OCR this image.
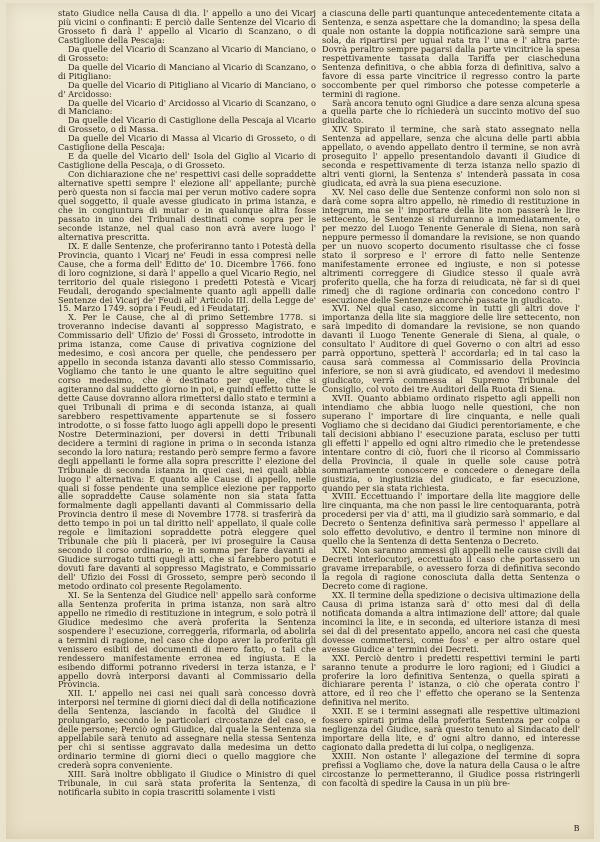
stato Giudice nella Causa di dia. l' appello a uno dei Vicarj più vicini o confinanti: E perciò dalle Sentenze del Vicario di Grosseto fi darà l' appello al Vicario di Scanzano, o di Castiglione della Pescaja:

Da quelle del Vicario di Scanzano al Vicario di Manciano, o di Grosseto:

Da quelle del Vicario di Manciano al Vicario di Scanzano, o di Pitigliano:

Da quelle del Vicario di Pitigliano al Vicario di Manciano, o d' Arcidosso:

Da quelle del Vicario d' Arcidosso al Vicario di Scanzano, o di Manciano:

Da quelle del Vicario di Castiglione della Pescaja al Vicario di Grosseto, o di Massa.

Da quelle del Vicario di Massa al Vicario di Grosseto, o di Castiglione della Pescaja:

E da quelle del Vicario dell' Isola del Giglio al Vicario di Castiglione della Pescaja, o di Grosseto.

Con dichiarazione che ne' respettivi casi delle sopraddette alternative spetti sempre l' elezione all' appellante; purchè però questa non si faccia mai per verun motivo cadere sopra quel soggetto, il quale avesse giudicato in prima istanza, e che in congiuntura di mutar o in qualunque altra fosse passato in uno dei Tribunali destinati come sopra per le seconde istanze, nel qual caso non avrà avere luogo l' alternativa prescritta.

IX. E dalle Sentenze, che proferiranno tanto i Potestà della Provincia, quanto i Vicarj ne' Feudi in essa compresi nelle Cause, che a forma dell' Editto de' 10. Dicembre 1766. fono di loro cognizione, si darà l' appello a quel Vicario Regio, nel territorio del quale risiegono i predetti Potestà e Vicarj Feudali, derogando specialmente quanto agli appelli dalle Sentenze dei Vicarj de' Feudi all' Articolo III. della Legge de' 15. Marzo 1749. sopra i Feudi, ed i Feudatarj.

X. Per le Cause, che al dì primo Settembre 1778. si troveranno indecise davanti al soppresso Magistrato, e Commissario dell' Ufizio de' Fossi di Grosseto, introdotte in prima istanza, come Cause di privativa cognizione del medesimo, e così ancora per quelle, che pendessero per appello in seconda istanza davanti allo stesso Commissario, Vogliamo che tanto le une quanto le altre seguitino quel corso medesimo, che è destinato per quelle, che si agiteranno dal suddetto giorno in poi, e quindi effetto tutte le dette Cause dovranno allora rimettersi dallo stato e termini a quei Tribunali di prima e di seconda istanza, ai quali sarebbero respettivamente appartenute se si fossero introdotte, o si fosse fatto luogo agli appelli dopo le presenti Nostre Determinazioni, per doversi in detti Tribunali decidere a termini di ragione in prima o in seconda istanza secondo la loro natura; restando però sempre fermo a favore degli appellanti le forme alla sopra prescritte l' elezione del Tribunale di seconda istanza in quei casi, nei quali abbia luogo l' alternativa: E quanto alle Cause di appello, nelle quali si fosse pendente una semplice elezione per rapporto alle sopraddette Cause solamente non sia stata fatta formalmente dagli appellanti davanti al Commissario della Provincia dentro il mese di Novembre 1778. si trasferirà da detto tempo in poi un tal diritto nell' appellato, il quale colle regole e limitazioni sopraddette potrà eleggere quel Tribunale che più li piacerà, per ivi proseguire la Causa secondo il corso ordinario, e in somma per fare davanti al Giudice surrogato tutti quegli atti, che si farebbero potuti e dovuti fare davanti al soppresso Magistrato, e Commissario dell' Ufizio dei Fossi di Grosseto, sempre però secondo il metodo ordinato col presente Regolamento.

XI. Se la Sentenza del Giudice nell' appello sarà conforme alla Sentenza proferita in prima istanza, non sarà altro appello ne rimedio di restituzione in integrum, e solo potrà il Giudice medesimo che averà proferita la Sentenza sospendere l' esecuzione, correggerla, riformarla, od abolirla a termini di ragione, nel caso che dopo aver la proferita gli venissero esibiti dei documenti di mero fatto, o tali che rendessero manifestamente erronea ed ingiusta. E la esibendo difformi potranno rivedersi in terza istanza, e l' appello dovrà interporsi davanti al Commissario della Provincia.

XII. L' appello nei casi nei quali sarà concesso dovrà interporsi nel termine di giorni dieci dal dì della notificazione della Sentenza, lasciando in facoltà del Giudice il prolungarlo, secondo le particolari circostanze del caso, e delle persone; Perciò ogni Giudice, dal quale la Sentenza sia appellabile sarà tenuto ad assegnare nella stessa Sentenza per chi si sentisse aggravato dalla medesima un detto ordinario termine di giorni dieci o quello maggiore che crederà sopra conveniente.

XIII. Sarà inoltre obbligato il Giudice o Ministro di quel Tribunale, in cui sarà stata proferita la Sentenza, di notificarla subito in copia trascritti solamente i visti

a ciascuna delle parti quantunque antecedentemente citata a Sentenza, e senza aspettare che la domandino; la spesa della quale non ostante la doppia notificazione sarà sempre una sola, da ripartirsi per ugual rata tra l' una e l' altra parte: Dovrà peraltro sempre pagarsi dalla parte vincitrice la spesa respettivamente tassata dalla Tariffa per ciascheduna Sentenza definitiva, o che abbia forza di definitiva, salvo a favore di essa parte vincitrice il regresso contro la parte soccombente per quel rimborso che potesse competerle a termini di ragione.

Sarà ancora tenuto ogni Giudice a dare senza alcuna spesa a quella parte che lo richiederà un succinto motivo del suo giudicato.

XIV. Spirato il termine, che sarà stato assegnato nella Sentenza ad appellare, senza che alcuna delle parti abbia appellato, o avendo appellato dentro il termine, se non avrà proseguito l' appello presentandolo davanti il Giudice di seconda e respettivamente di terza istanza nello spazio di altri venti giorni, la Sentenza s' intenderà passata in cosa giudicata, ed avrà la sua piena esecuzione.

XV. Nel caso delle due Sentenze conformi non solo non si darà come sopra altro appello, nè rimedio di restituzione in integrum, ma se l' importare della lite non passerà le lire settecento, le Sentenze si ridurranno a immediatamente, o per mezzo del Luogo Tenente Generale di Siena, non sarà neppure permesso il domandare la revisione, se non quando per un nuovo scoperto documento risultasse che ci fosse stato il sorpreso e l' errore di fatto nelle Sentenze manifestamente erronee ed ingiuste, e non si potesse altrimenti correggere di Giudice stesso il quale avrà proferito quella, che ha forza di reiudicata, nè far sì di quei rimedj che di ragione ordinaria con concedono contro l' esecuzione delle Sentenze ancorchè passate in giudicato.

XVI. Nel qual caso, siccome in tutti gli altri dove l' importanza della lite sia maggiore delle lire settecento, non sarà impedito di domandare la revisione, se non quando davanti il Luogo Tenente Generale di Siena, al quale, o consultato l' Auditore di quel Governo o con altri ad esso parrà opportuno, spetterà l' accordarla; ed in tal caso la causa sarà commessa al Commissario della Provincia inferiore, se non si avrà giudicato, ed avendovi il medesimo giudicato, verrà commessa al Supremo Tribunale del Consiglio, col voto dei tre Auditori della Ruota di Siena.

XVII. Quanto abbiamo ordinato rispetto agli appelli non intendiamo che abbia luogo nelle questioni, che non superano l' importare di lire cinquanta, e nelle quali Vogliamo che si decidano dai Giudici perentoriamente, e che tali decisioni abbiano l' esecuzione parata, escluso per tutti gli effetti l' appello ed ogni altro rimedio che le pretendesse intentare contro di ciò, fuori che il ricorso al Commissario della Provincia, il quale in quelle sole cause potrà sommariamente conoscere e concedere o denegare della giustizia, o ingiustizia del giudicato, e far esecuzione, quando per sia stata richiesta.

XVIII. Eccettuando l' importare della lite maggiore delle lire cinquanta, ma che non passi le lire centoquaranta, potrà procedersi per via d' atti, ma il giudizio sarà sommario, e dal Decreto o Sentenza definitiva sarà permesso l' appellare al solo effetto devolutivo, e dentro il termine non minore di quello che la Sentenza di detta Sentenza o Decreto.

XIX. Non saranno ammessi gli appelli nelle cause civili dai Decreti interlocutorj, eccettuato il caso che portassero un gravame irreparabile, o avessero forza di definitiva secondo la regola di ragione conosciuta dalla detta Sentenza o Decreto come di ragione.

XX. Il termine della spedizione o decisiva ultimazione della Causa di prima istanza sarà d' otto mesi dal dì della notificata domanda a altra intimazione dell' attore; dal quale incominci la lite, e in seconda, ed ulteriore istanza di mesi sei dal dì del presentato appello, ancora nei casi che questa dovesse commettersi, come foss' e per altro ostare quel avesse Giudice a' termini dei Decreti.

XXI. Perciò dentro i predetti respettivi termini le parti saranno tenute a produrre le loro ragioni; ed i Giudici a proferire la loro definitiva Sentenza, o quella spirati a dichiarare perenta l' istanza, o ciò che operata contro l' attore, ed il reo che l' effetto che operano se la Sentenza definitiva nel merito.

XXII. E se i termini assegnati alle respettive ultimazioni fossero spirati prima della proferita Sentenza per colpa o negligenza del Giudice, sarà questo tenuto al Sindacato dell' importare della lite, e d' ogni altro danno, ed interesse cagionato dalla predetta di lui colpa, o negligenza.

XXIII. Non ostante l' allegazione del termine di sopra prefissi a Vogliamo che, dove la natura della Causa o le altre circostanze lo permetteranno, il Giudice possa ristringerli con facoltà di spedire la Causa in un più bre-

B
